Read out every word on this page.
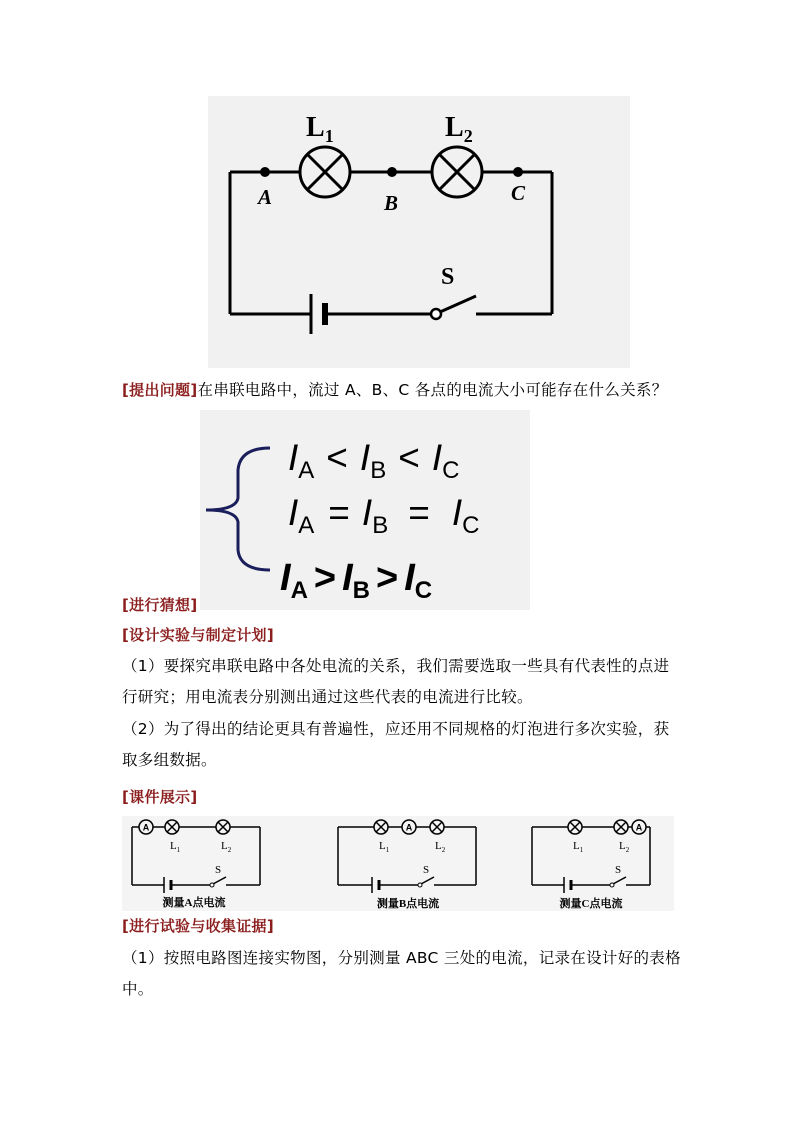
$L_1$	$L_2$
A	B	C
S
[提出问题]在串联电路中，流过 A、B、C 各点的电流大小可能存在什么关系？
$I_A < I_B < I_C$
$I_A = I_B = I_C$
$I_A > I_B > I_C$
[进行猜想]
[设计实验与制定计划]
（1）要探究串联电路中各处电流的关系，我们需要选取一些具有代表性的点进行研究；用电流表分别测出通过这些代表的电流进行比较。
（2）为了得出的结论更具有普遍性，应还用不同规格的灯泡进行多次实验，获取多组数据。
[课件展示]
A	A	A
$L_1$	$L_2$
S
$L_1$	$L_2$
S
$L_1$	$L_2$
S
测量A点电流	测量B点电流	测量C点电流
[进行试验与收集证据]
（1）按照电路图连接实物图，分别测量 ABC 三处的电流，记录在设计好的表格中。
